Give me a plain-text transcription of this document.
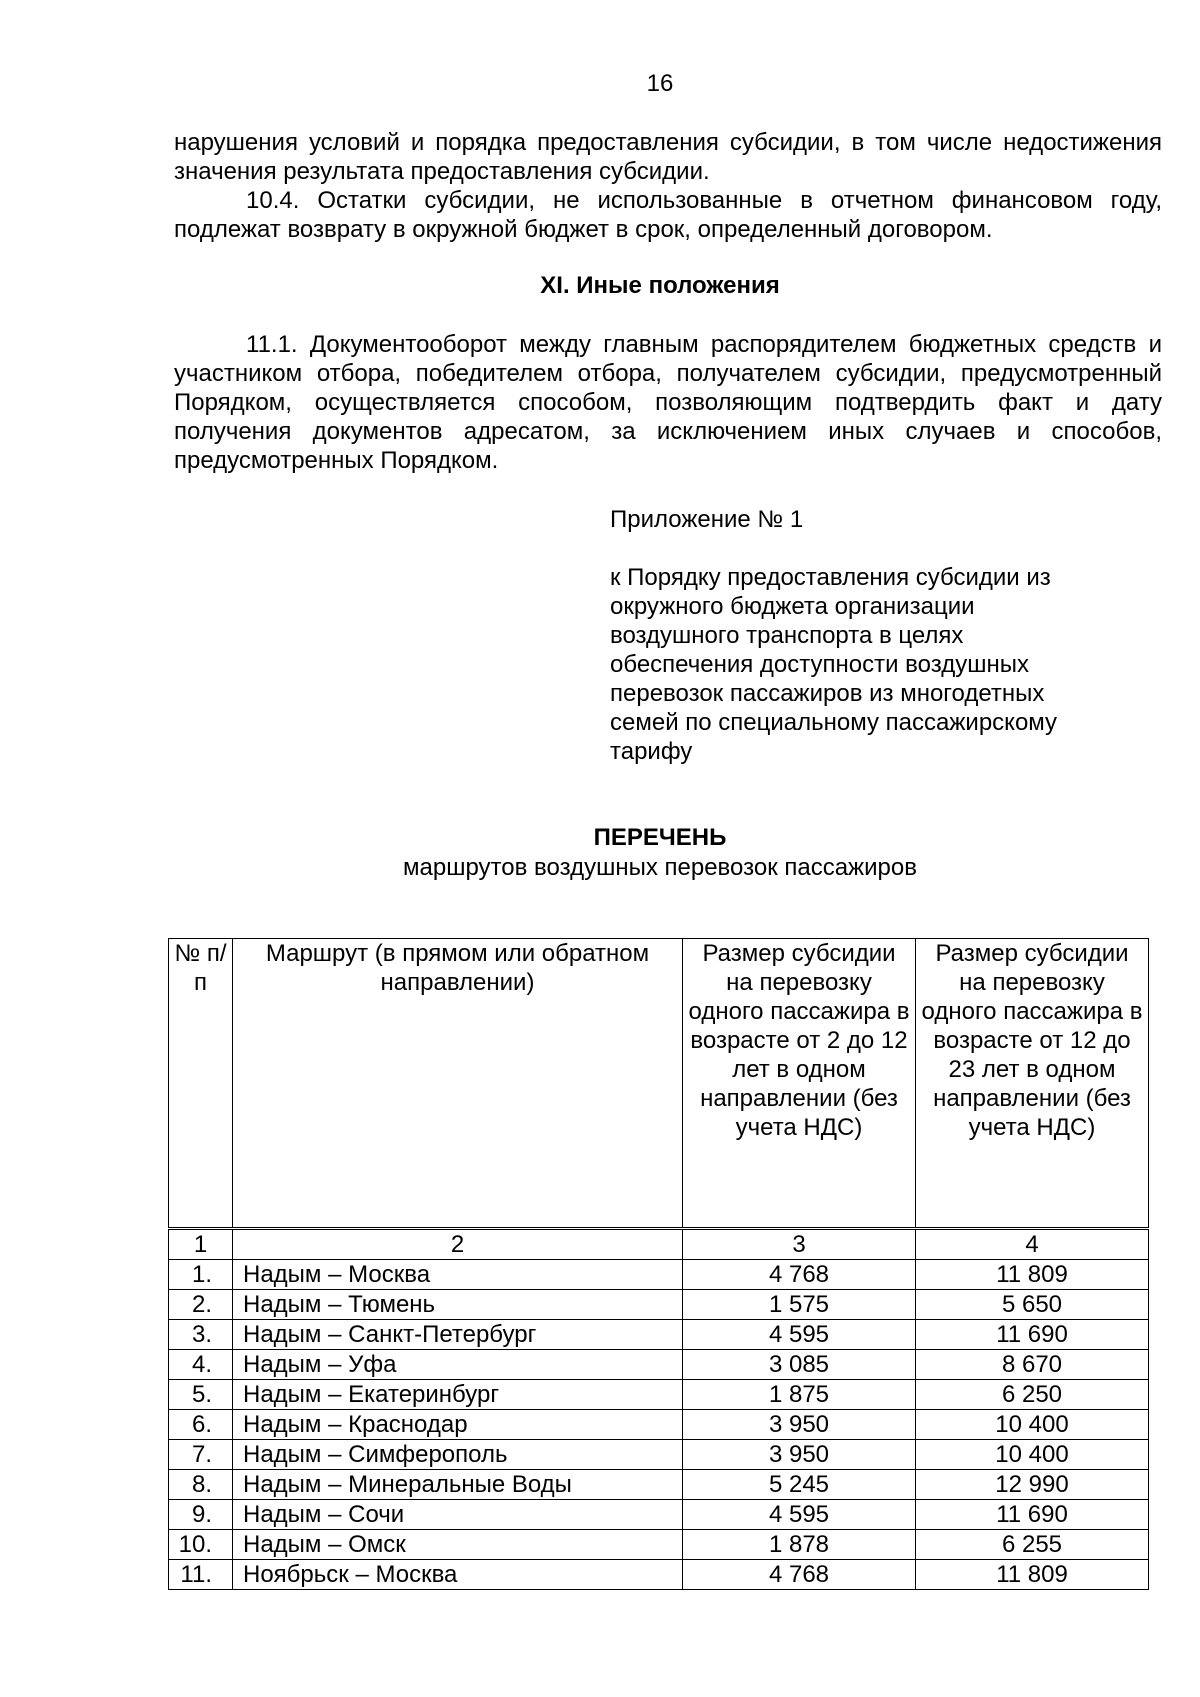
16
нарушения условий и порядка предоставления субсидии, в том числе недостижения значения результата предоставления субсидии.
10.4. Остатки субсидии, не использованные в отчетном финансовом году, подлежат возврату в окружной бюджет в срок, определенный договором.
XI. Иные положения
11.1. Документооборот между главным распорядителем бюджетных средств и участником отбора, победителем отбора, получателем субсидии, предусмотренный Порядком, осуществляется способом, позволяющим подтвердить факт и дату получения документов адресатом, за исключением иных случаев и способов, предусмотренных Порядком.
Приложение № 1
к Порядку предоставления субсидии из
окружного бюджета организации
воздушного транспорта в целях
обеспечения доступности воздушных
перевозок пассажиров из многодетных
семей по специальному пассажирскому
тарифу
ПЕРЕЧЕНЬ
маршрутов воздушных перевозок пассажиров
№ п/п	Маршрут (в прямом или обратном направлении)	Размер субсидии на перевозку одного пассажира в возрасте от 2 до 12 лет в одном направлении (без учета НДС)	Размер субсидии на перевозку одного пассажира в возрасте от 12 до 23 лет в одном направлении (без учета НДС)
1	2	3	4
1.	Надым – Москва	4 768	11 809
2.	Надым – Тюмень	1 575	5 650
3.	Надым – Санкт-Петербург	4 595	11 690
4.	Надым – Уфа	3 085	8 670
5.	Надым – Екатеринбург	1 875	6 250
6.	Надым – Краснодар	3 950	10 400
7.	Надым – Симферополь	3 950	10 400
8.	Надым – Минеральные Воды	5 245	12 990
9.	Надым – Сочи	4 595	11 690
10.	Надым – Омск	1 878	6 255
11.	Ноябрьск – Москва	4 768	11 809
